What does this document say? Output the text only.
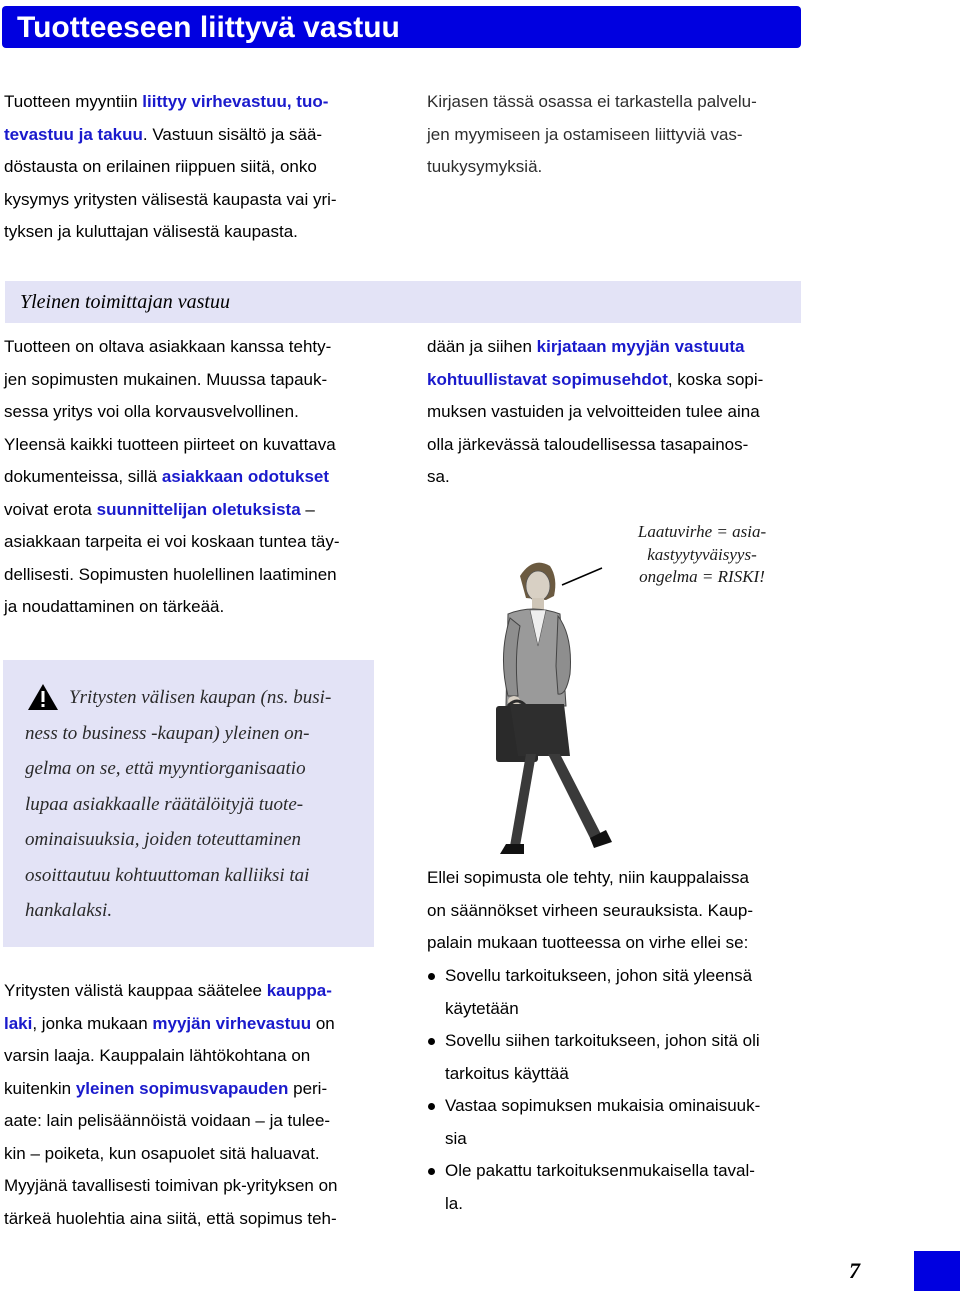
Tuotteeseen liittyvä vastuu
Tuotteen myyntiin liittyy virhevastuu, tuo-
tevastuu ja takuu. Vastuun sisältö ja sää-
döstausta on erilainen riippuen siitä, onko
kysymys yritysten välisestä kaupasta vai yri-
tyksen ja kuluttajan välisestä kaupasta.
Kirjasen tässä osassa ei tarkastella palvelu-
jen myymiseen ja ostamiseen liittyviä vas-
tuukysymyksiä.
Yleinen toimittajan vastuu
Tuotteen on oltava asiakkaan kanssa tehty-
jen sopimusten mukainen. Muussa tapauk-
sessa yritys voi olla korvausvelvollinen.
Yleensä kaikki tuotteen piirteet on kuvattava
dokumenteissa, sillä asiakkaan odotukset
voivat erota suunnittelijan oletuksista –
asiakkaan tarpeita ei voi koskaan tuntea täy-
dellisesti. Sopimusten huolellinen laatiminen
ja noudattaminen on tärkeää.
dään ja siihen kirjataan myyjän vastuuta
kohtuullistavat sopimusehdot, koska sopi-
muksen vastuiden ja velvoitteiden tulee aina
olla järkevässä taloudellisessa tasapainos-
sa.
Laatuvirhe = asia-
kastyytyväisyys-
ongelma = RISKI!
Yritysten välisen kaupan (ns. busi-
ness to business -kaupan) yleinen on-
gelma on se, että myyntiorganisaatio
lupaa asiakkaalle räätälöityjä tuote-
ominaisuuksia, joiden toteuttaminen
osoittautuu kohtuuttoman kalliiksi tai
hankalaksi.
Yritysten välistä kauppaa säätelee kauppa-
laki, jonka mukaan myyjän virhevastuu on
varsin laaja. Kauppalain lähtökohtana on
kuitenkin yleinen sopimusvapauden peri-
aate: lain pelisäännöistä voidaan – ja tulee-
kin – poiketa, kun osapuolet sitä haluavat.
Myyjänä tavallisesti toimivan pk-yrityksen on
tärkeä huolehtia aina siitä, että sopimus teh-
Ellei sopimusta ole tehty, niin kauppalaissa
on säännökset virheen seurauksista. Kaup-
palain mukaan tuotteessa on virhe ellei se:
Sovellu tarkoitukseen, johon sitä yleensä
käytetään
Sovellu siihen tarkoitukseen, johon sitä oli
tarkoitus käyttää
Vastaa sopimuksen mukaisia ominaisuuk-
sia
Ole pakattu tarkoituksenmukaisella taval-
la.
7
